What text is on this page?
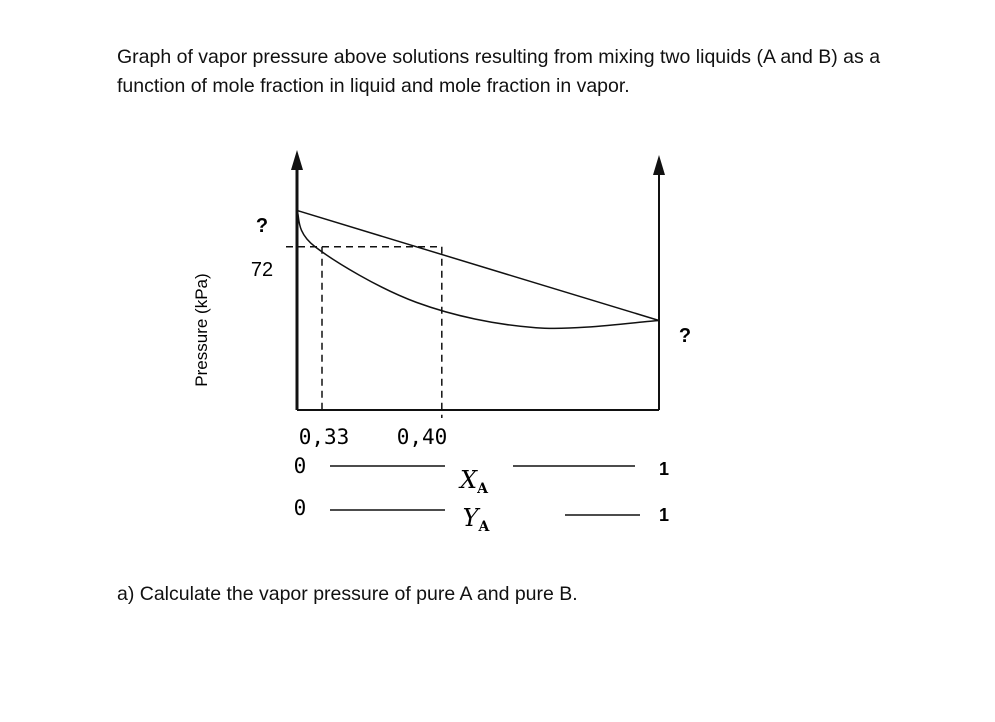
Graph of vapor pressure above solutions resulting from mixing two liquids (A and B) as a
function of mole fraction in liquid and mole fraction in vapor.
Pressure (kPa)
?
72
?
0,33 0,40
0	$X_A$
1
0	$Y_A$
1
a) Calculate the vapor pressure of pure A and pure B.
